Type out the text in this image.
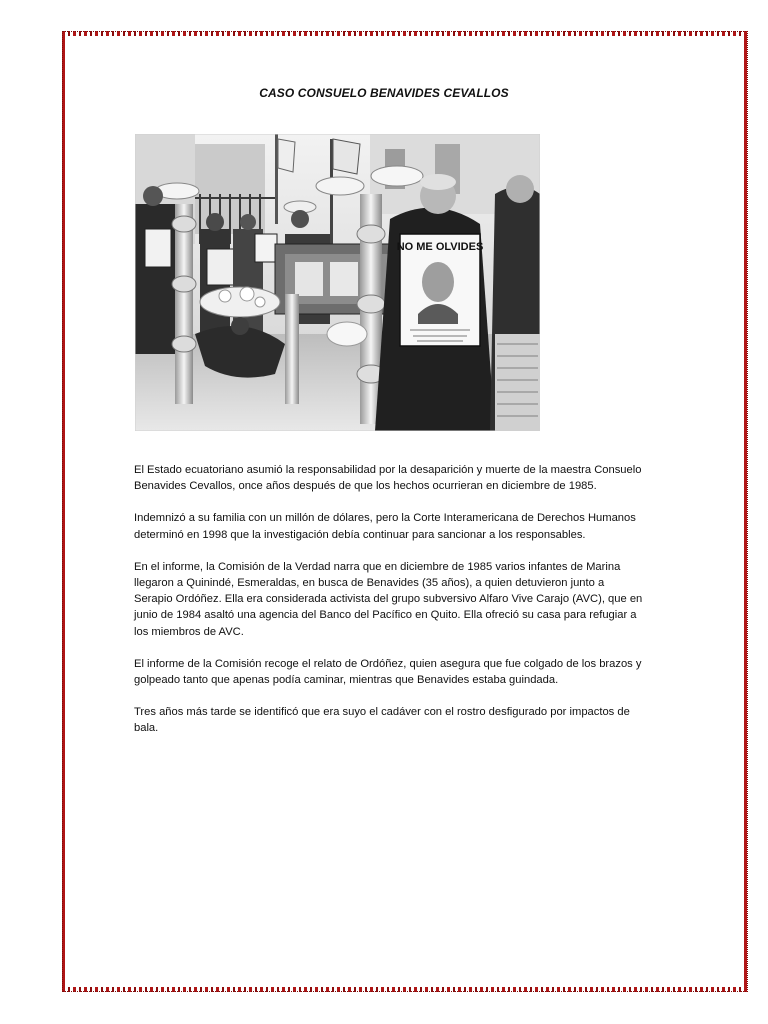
CASO CONSUELO BENAVIDES CEVALLOS
NO ME OLVIDES

El Estado ecuatoriano asumió la responsabilidad por la desaparición y muerte de la maestra Consuelo Benavides Cevallos, once años después de que los hechos ocurrieran en diciembre de 1985.

Indemnizó a su familia con un millón de dólares, pero la Corte Interamericana de Derechos Humanos determinó en 1998 que la investigación debía continuar para sancionar a los responsables.

En el informe, la Comisión de la Verdad narra que en diciembre de 1985 varios infantes de Marina llegaron a Quinindé, Esmeraldas, en busca de Benavides (35 años), a quien detuvieron junto a Serapio Ordóñez. Ella era considerada activista del grupo subversivo Alfaro Vive Carajo (AVC), que en junio de 1984 asaltó una agencia del Banco del Pacífico en Quito. Ella ofreció su casa para refugiar a los miembros de AVC.

El informe de la Comisión recoge el relato de Ordóñez, quien asegura que fue colgado de los brazos y golpeado tanto que apenas podía caminar, mientras que Benavides estaba guindada.

Tres años más tarde se identificó que era suyo el cadáver con el rostro desfigurado por impactos de bala.
